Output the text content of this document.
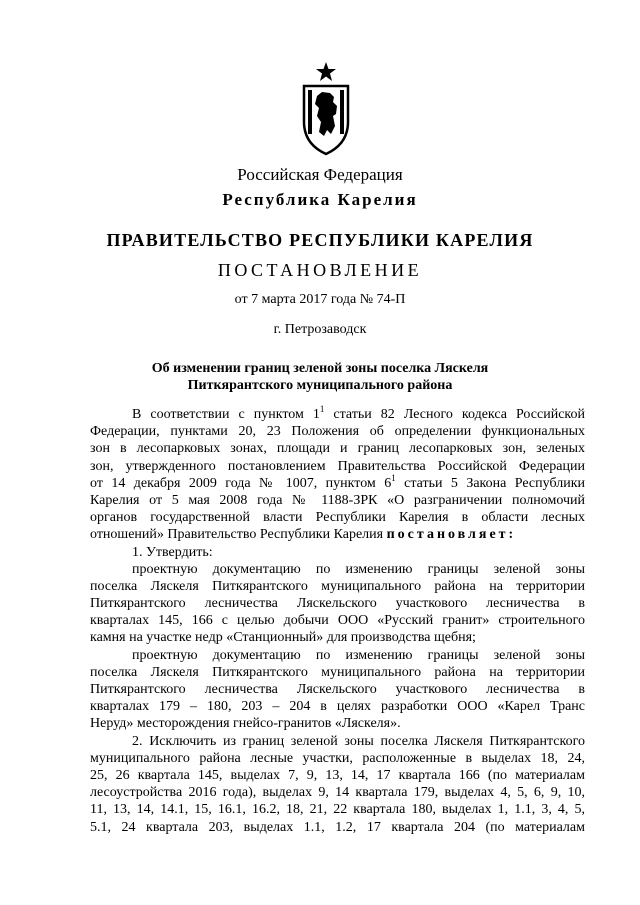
Российская Федерация
Республика Карелия
ПРАВИТЕЛЬСТВО РЕСПУБЛИКИ КАРЕЛИЯ
ПОСТАНОВЛЕНИЕ
от 7 марта 2017 года № 74-П
г. Петрозаводск
Об изменении границ зеленой зоны поселка Ляскеля
Питкярантского муниципального района
В соответствии с пунктом $1^1$ статьи 82 Лесного кодекса Российской
Федерации, пунктами 20, 23 Положения об определении функциональных
зон в лесопарковых зонах, площади и границ лесопарковых зон, зеленых
зон, утвержденного постановлением Правительства Российской Федерации
от 14 декабря 2009 года № 1007, пунктом $6^1$ статьи 5 Закона Республики
Карелия от 5 мая 2008 года № 1188-ЗРК «О разграничении полномочий
органов государственной власти Республики Карелия в области лесных
отношений» Правительство Республики Карелия постановляет:
1. Утвердить:
проектную документацию по изменению границы зеленой зоны
поселка Ляскеля Питкярантского муниципального района на территории
Питкярантского лесничества Ляскельского участкового лесничества в
кварталах 145, 166 с целью добычи ООО «Русский гранит» строительного
камня на участке недр «Станционный» для производства щебня;
проектную документацию по изменению границы зеленой зоны
поселка Ляскеля Питкярантского муниципального района на территории
Питкярантского лесничества Ляскельского участкового лесничества в
кварталах 179 – 180, 203 – 204 в целях разработки ООО «Карел Транс
Неруд» месторождения гнейсо-гранитов «Ляскеля».
2. Исключить из границ зеленой зоны поселка Ляскеля Питкярантского
муниципального района лесные участки, расположенные в выделах 18, 24,
25, 26 квартала 145, выделах 7, 9, 13, 14, 17 квартала 166 (по материалам
лесоустройства 2016 года), выделах 9, 14 квартала 179, выделах 4, 5, 6, 9, 10,
11, 13, 14, 14.1, 15, 16.1, 16.2, 18, 21, 22 квартала 180, выделах 1, 1.1, 3, 4, 5,
5.1, 24 квартала 203, выделах 1.1, 1.2, 17 квартала 204 (по материалам
